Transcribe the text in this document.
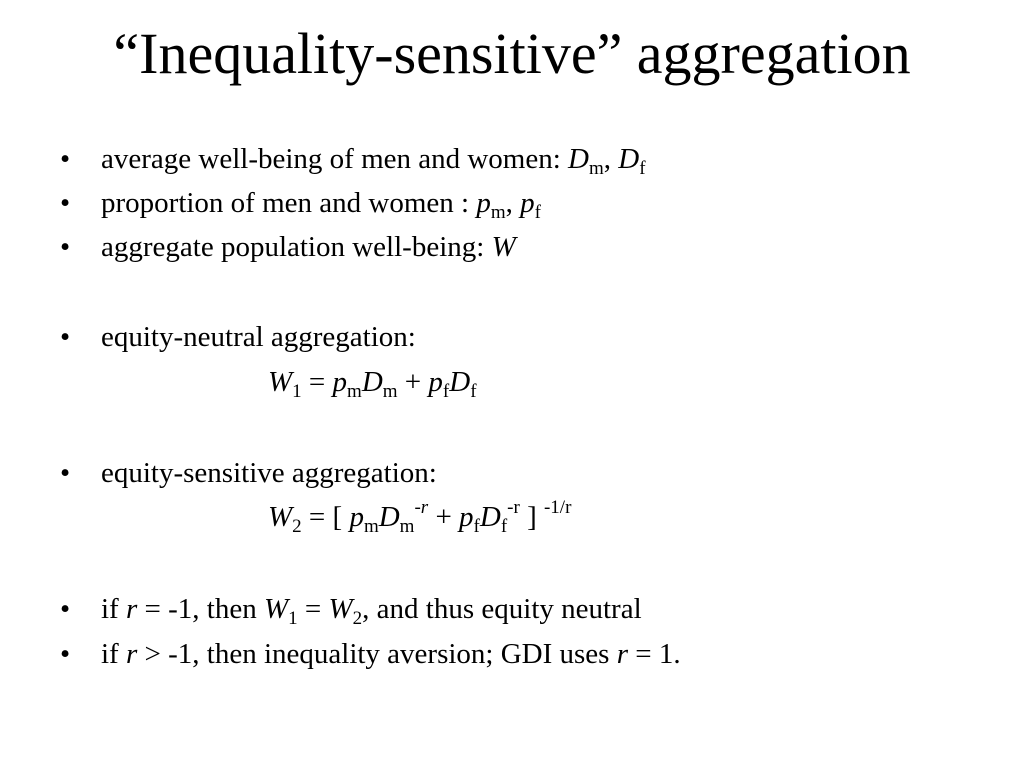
“Inequality-sensitive” aggregation
• average well-being of men and women: $D_m$, $D_f$
• proportion of men and women : $p_m$, $p_f$
• aggregate population well-being: W
• equity-neutral aggregation:
$W_1 = p_mD_m + p_fD_f$
• equity-sensitive aggregation:
$W_2$ = [ $p_mD_m^{-r} + p_fD_f^{-r}$ ] $^{-1/r}$
• if r = -1, then $W_1 = W_2$, and thus equity neutral
• if r > -1, then inequality aversion; GDI uses r = 1.
